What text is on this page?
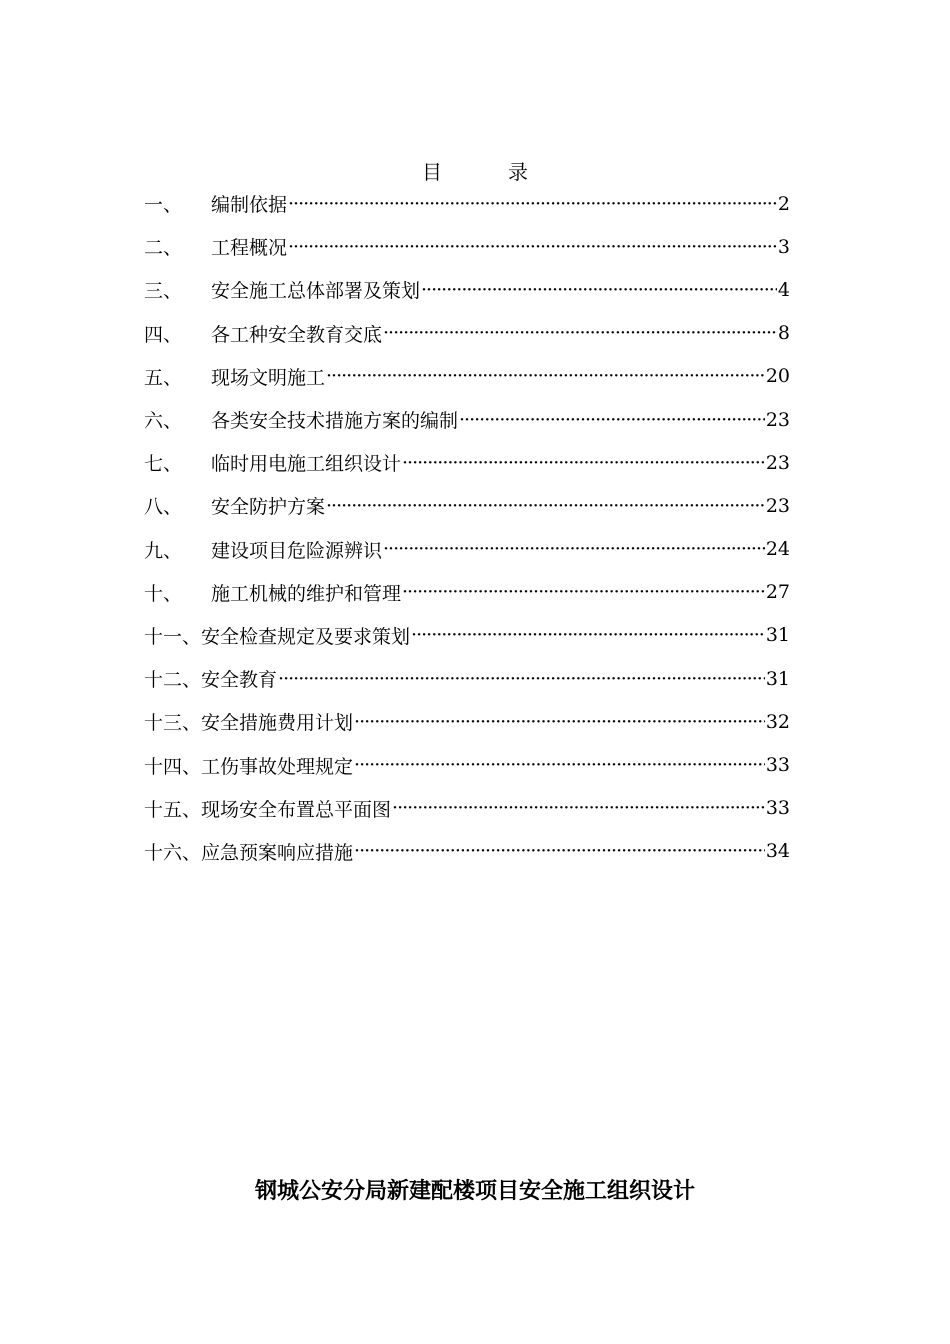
目	录
一、	编制依据 ·····	2
二、	工程概况 ·····	3
三、	安全施工总体部署及策划 ·····	4
四、	各工种安全教育交底 ·····	8
五、	现场文明施工 ·····	20
六、	各类安全技术措施方案的编制 ·····	23
七、	临时用电施工组织设计 ·····	23
八、	安全防护方案 ·····	23
九、	建设项目危险源辨识 ·····	24
十、	施工机械的维护和管理 ·····	27
十一、 安全检查规定及要求策划 ·····	31
十二、 安全教育 ·····	31
十三、 安全措施费用计划 ·····	32
十四、 工伤事故处理规定 ·····	33
十五、 现场安全布置总平面图 ·····	33
十六、 应急预案响应措施 ·····	34
钢城公安分局新建配楼项目安全施工组织设计
